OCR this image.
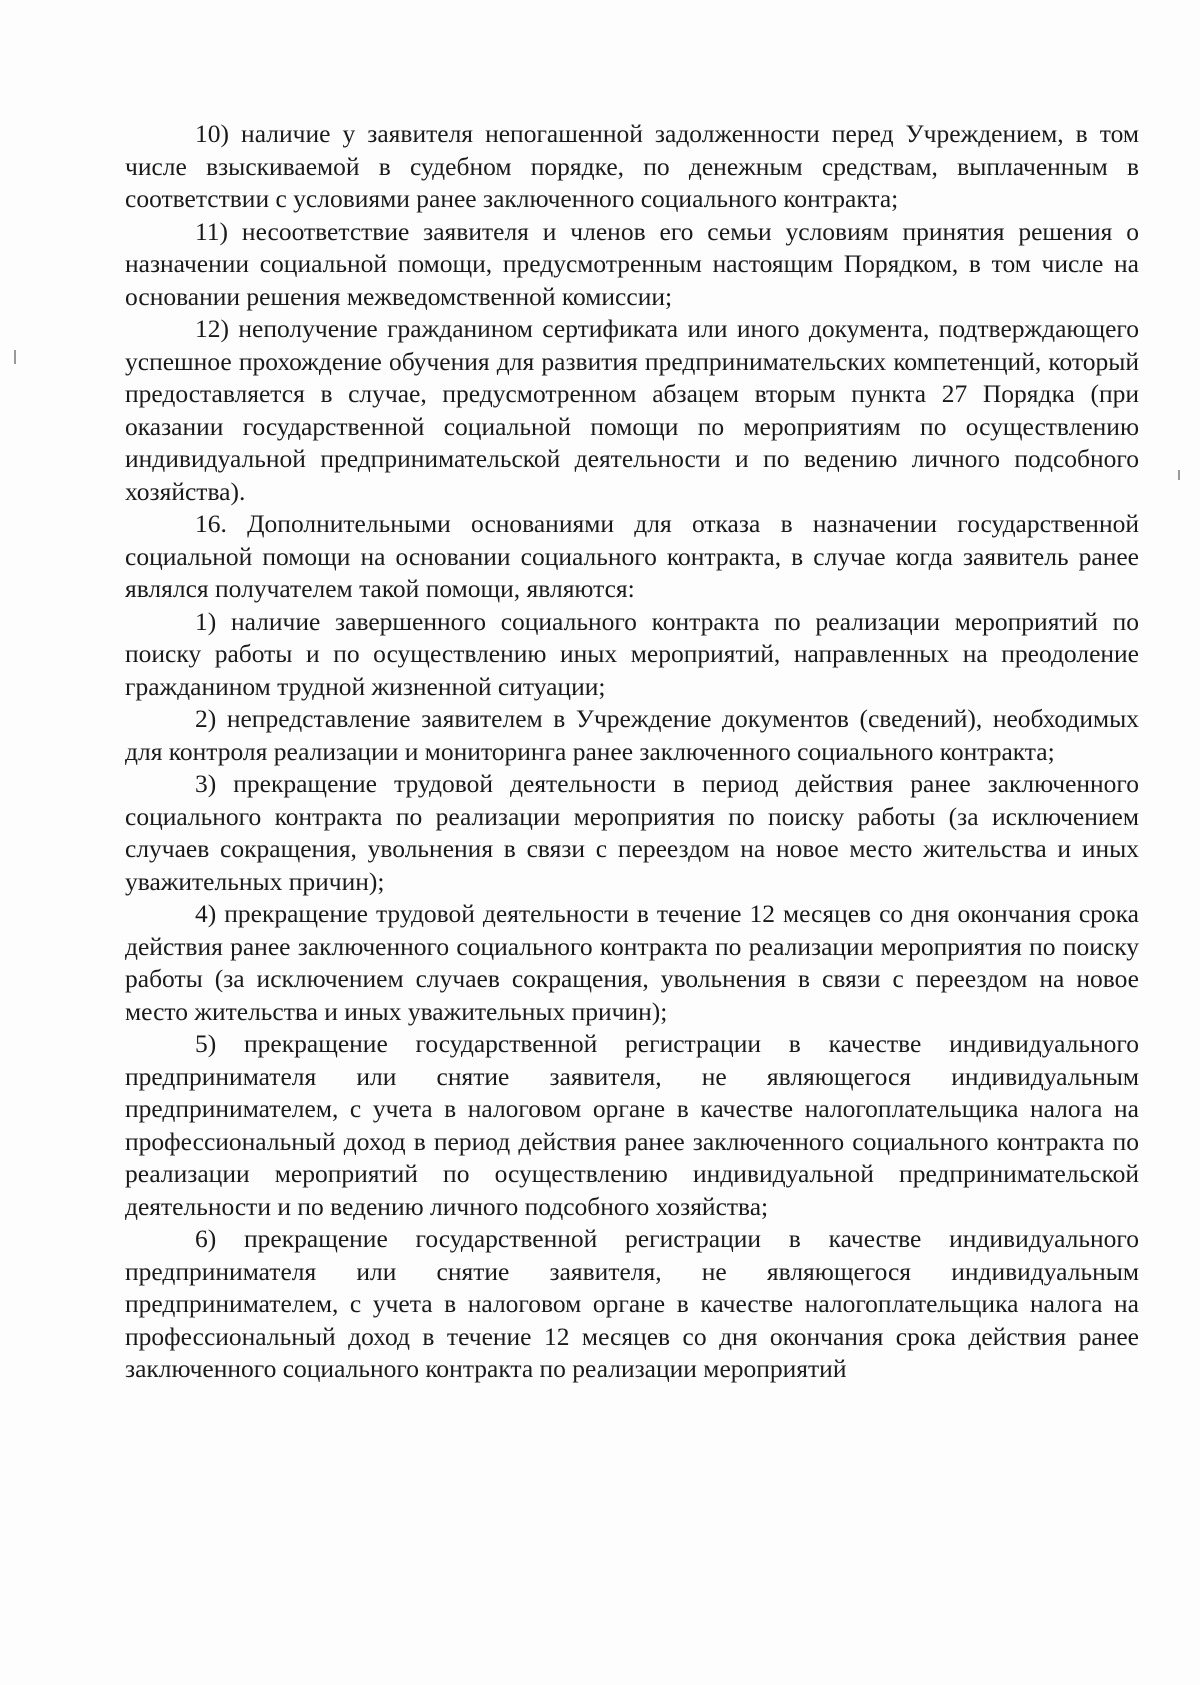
10) наличие у заявителя непогашенной задолженности перед Учреждением, в том числе взыскиваемой в судебном порядке, по денежным средствам, выплаченным в соответствии с условиями ранее заключенного социального контракта;

11) несоответствие заявителя и членов его семьи условиям принятия решения о назначении социальной помощи, предусмотренным настоящим Порядком, в том числе на основании решения межведомственной комиссии;

12) неполучение гражданином сертификата или иного документа, подтверждающего успешное прохождение обучения для развития предпринимательских компетенций, который предоставляется в случае, предусмотренном абзацем вторым пункта 27 Порядка (при оказании государственной социальной помощи по мероприятиям по осуществлению индивидуальной предпринимательской деятельности и по ведению личного подсобного хозяйства).

16. Дополнительными основаниями для отказа в назначении государственной социальной помощи на основании социального контракта, в случае когда заявитель ранее являлся получателем такой помощи, являются:

1) наличие завершенного социального контракта по реализации мероприятий по поиску работы и по осуществлению иных мероприятий, направленных на преодоление гражданином трудной жизненной ситуации;

2) непредставление заявителем в Учреждение документов (сведений), необходимых для контроля реализации и мониторинга ранее заключенного социального контракта;

3) прекращение трудовой деятельности в период действия ранее заключенного социального контракта по реализации мероприятия по поиску работы (за исключением случаев сокращения, увольнения в связи с переездом на новое место жительства и иных уважительных причин);

4) прекращение трудовой деятельности в течение 12 месяцев со дня окончания срока действия ранее заключенного социального контракта по реализации мероприятия по поиску работы (за исключением случаев сокращения, увольнения в связи с переездом на новое место жительства и иных уважительных причин);

5) прекращение государственной регистрации в качестве индивидуального предпринимателя или снятие заявителя, не являющегося индивидуальным предпринимателем, с учета в налоговом органе в качестве налогоплательщика налога на профессиональный доход в период действия ранее заключенного социального контракта по реализации мероприятий по осуществлению индивидуальной предпринимательской деятельности и по ведению личного подсобного хозяйства;

6) прекращение государственной регистрации в качестве индивидуального предпринимателя или снятие заявителя, не являющегося индивидуальным предпринимателем, с учета в налоговом органе в качестве налогоплательщика налога на профессиональный доход в течение 12 месяцев со дня окончания срока действия ранее заключенного социального контракта по реализации мероприятий
